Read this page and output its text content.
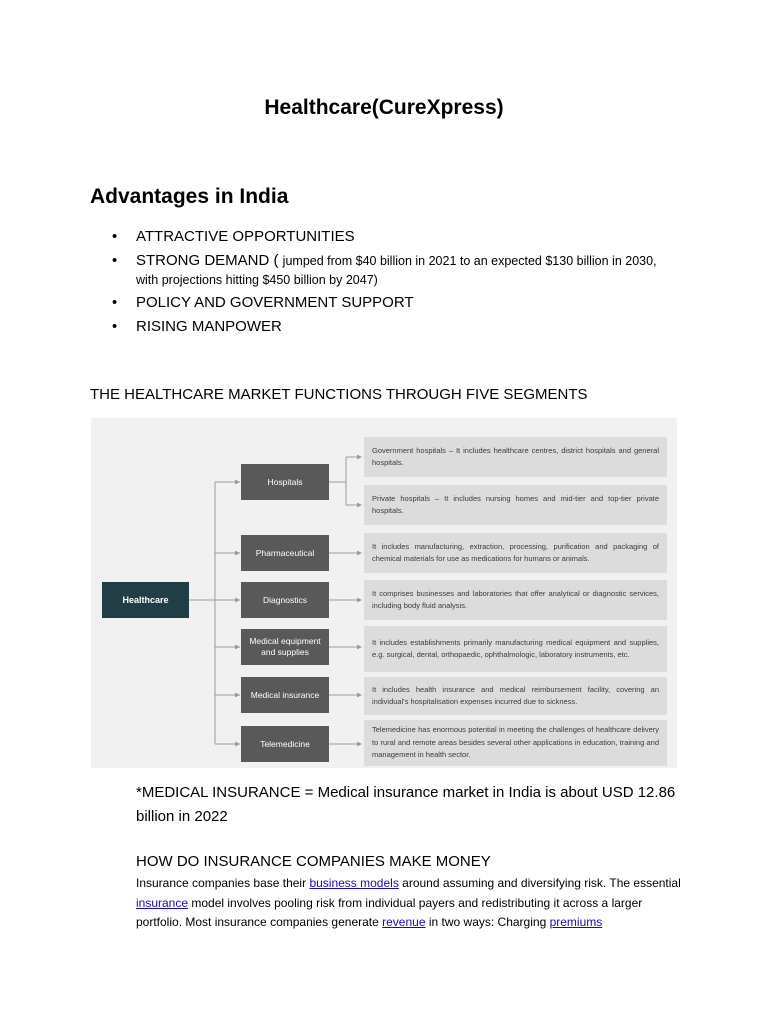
Healthcare(CureXpress)
Advantages in India
• ATTRACTIVE OPPORTUNITIES
• STRONG DEMAND ( jumped from $40 billion in 2021 to an expected $130 billion in 2030,
with projections hitting $450 billion by 2047)
• POLICY AND GOVERNMENT SUPPORT
• RISING MANPOWER
THE HEALTHCARE MARKET FUNCTIONS THROUGH FIVE SEGMENTS
Healthcare
Hospitals
Pharmaceutical
Diagnostics
Medical equipment and supplies
Medical insurance
Telemedicine
Government hospitals – It includes healthcare centres, district hospitals and general hospitals.
Private hospitals – It includes nursing homes and mid-tier and top-tier private hospitals.
It includes manufacturing, extraction, processing, purification and packaging of chemical materials for use as medications for humans or animals.
It comprises businesses and laboratories that offer analytical or diagnostic services, including body fluid analysis.
It includes establishments primarily manufacturing medical equipment and supplies, e.g. surgical, dental, orthopaedic, ophthalmologic, laboratory instruments, etc.
It includes health insurance and medical reimbursement facility, covering an individual's hospitalisation expenses incurred due to sickness.
Telemedicine has enormous potential in meeting the challenges of healthcare delivery to rural and remote areas besides several other applications in education, training and management in health sector.
*MEDICAL INSURANCE = Medical insurance market in India is about USD 12.86 billion in 2022
HOW DO INSURANCE COMPANIES MAKE MONEY
Insurance companies base their business models around assuming and diversifying risk. The essential insurance model involves pooling risk from individual payers and redistributing it across a larger portfolio. Most insurance companies generate revenue in two ways: Charging premiums
